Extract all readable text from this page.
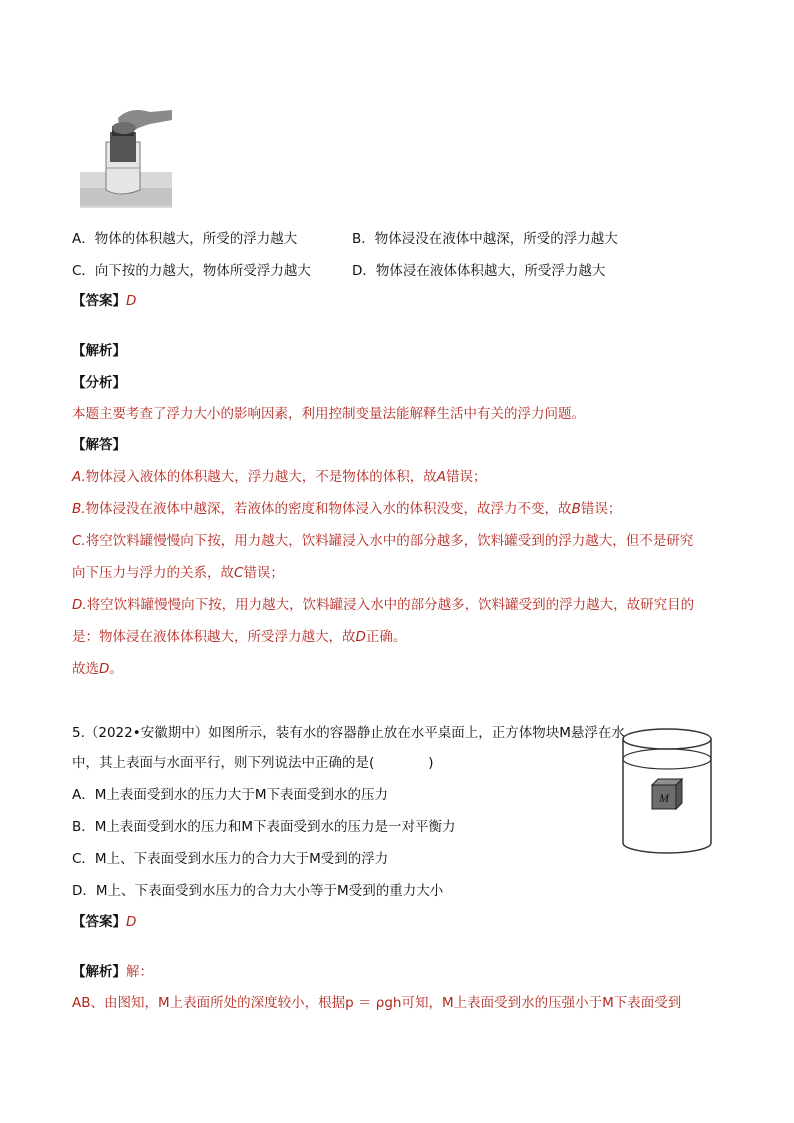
A．物体的体积越大，所受的浮力越大	B．物体浸没在液体中越深，所受的浮力越大
C．向下按的力越大，物体所受浮力越大	D．物体浸在液体体积越大，所受浮力越大
【答案】D
【解析】
【分析】
本题主要考查了浮力大小的影响因素，利用控制变量法能解释生活中有关的浮力问题。
【解答】
A.物体浸入液体的体积越大，浮力越大，不是物体的体积，故A错误；
B.物体浸没在液体中越深，若液体的密度和物体浸入水的体积没变，故浮力不变，故B错误；
C.将空饮料罐慢慢向下按，用力越大，饮料罐浸入水中的部分越多，饮料罐受到的浮力越大，但不是研究
向下压力与浮力的关系，故C错误；
D.将空饮料罐慢慢向下按，用力越大，饮料罐浸入水中的部分越多，饮料罐受到的浮力越大，故研究目的
是：物体浸在液体体积越大，所受浮力越大，故D正确。
故选D。
5.（2022•安徽期中）如图所示，装有水的容器静止放在水平桌面上，正方体物块M悬浮在水
中，其上表面与水面平行，则下列说法中正确的是(　　　　)
M
A．M上表面受到水的压力大于M下表面受到水的压力
B．M上表面受到水的压力和M下表面受到水的压力是一对平衡力
C．M上、下表面受到水压力的合力大于M受到的浮力
D．M上、下表面受到水压力的合力大小等于M受到的重力大小
【答案】D
【解析】解：
AB、由图知，M上表面所处的深度较小，根据p ＝ ρgh可知，M上表面受到水的压强小于M下表面受到
